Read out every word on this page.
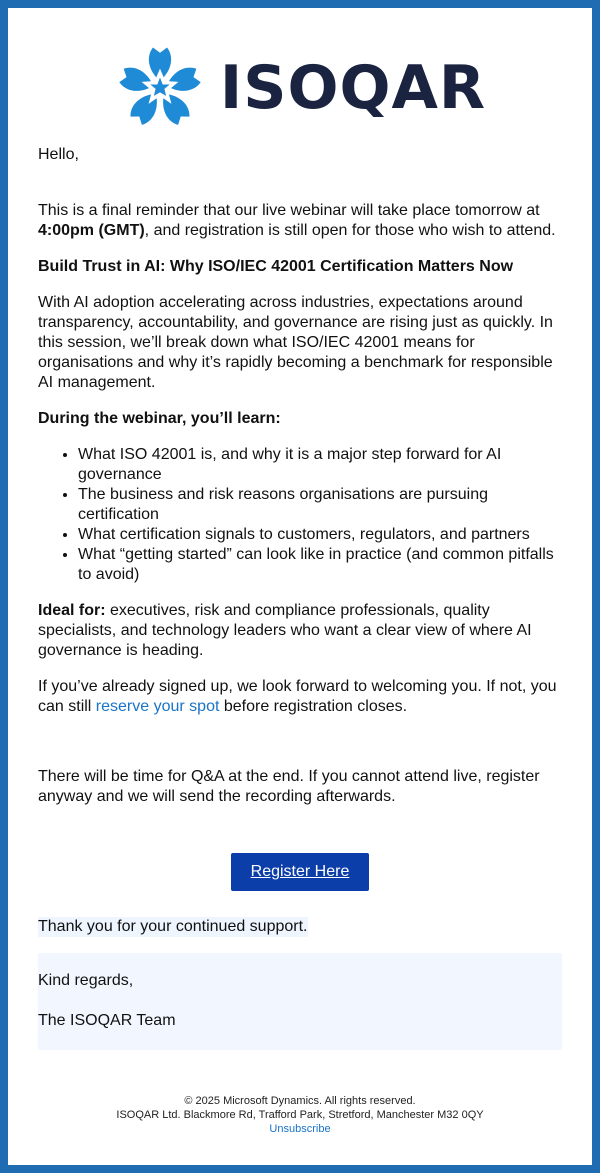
ISOQAR

Hello,

This is a final reminder that our live webinar will take place tomorrow at 4:00pm (GMT), and registration is still open for those who wish to attend.

Build Trust in AI: Why ISO/IEC 42001 Certification Matters Now

With AI adoption accelerating across industries, expectations around transparency, accountability, and governance are rising just as quickly. In this session, we’ll break down what ISO/IEC 42001 means for organisations and why it’s rapidly becoming a benchmark for responsible AI management.

During the webinar, you’ll learn:

• What ISO 42001 is, and why it is a major step forward for AI governance
• The business and risk reasons organisations are pursuing certification
• What certification signals to customers, regulators, and partners
• What “getting started” can look like in practice (and common pitfalls to avoid)

Ideal for: executives, risk and compliance professionals, quality specialists, and technology leaders who want a clear view of where AI governance is heading.

If you’ve already signed up, we look forward to welcoming you. If not, you can still reserve your spot before registration closes.

There will be time for Q&A at the end. If you cannot attend live, register anyway and we will send the recording afterwards.

Register Here
Thank you for your continued support.

Kind regards,

The ISOQAR Team

© 2025 Microsoft Dynamics. All rights reserved.
ISOQAR Ltd. Blackmore Rd, Trafford Park, Stretford, Manchester M32 0QY
Unsubscribe
